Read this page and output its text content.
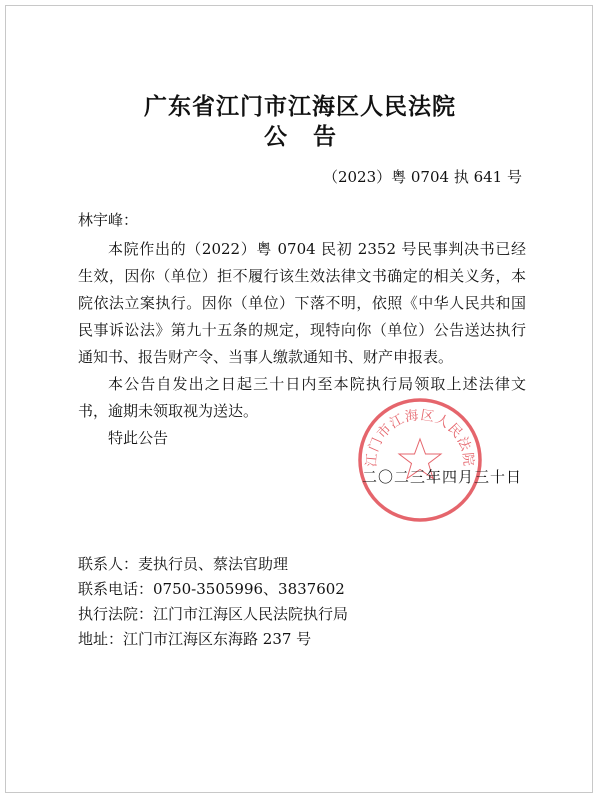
广东省江门市江海区人民法院
公告
（2023）粤 0704 执 641 号
林宇峰：

本院作出的（2022）粤 0704 民初 2352 号民事判决书已经生效，因你（单位）拒不履行该生效法律文书确定的相关义务，本院依法立案执行。因你（单位）下落不明，依照《中华人民共和国民事诉讼法》第九十五条的规定，现特向你（单位）公告送达执行通知书、报告财产令、当事人缴款通知书、财产申报表。

本公告自发出之日起三十日内至本院执行局领取上述法律文书，逾期未领取视为送达。

特此公告

江门市江海区人民法院
二〇二三年四月三十日
联系人：麦执行员、蔡法官助理
联系电话：0750-3505996、3837602
执行法院：江门市江海区人民法院执行局
地址：江门市江海区东海路 237 号
